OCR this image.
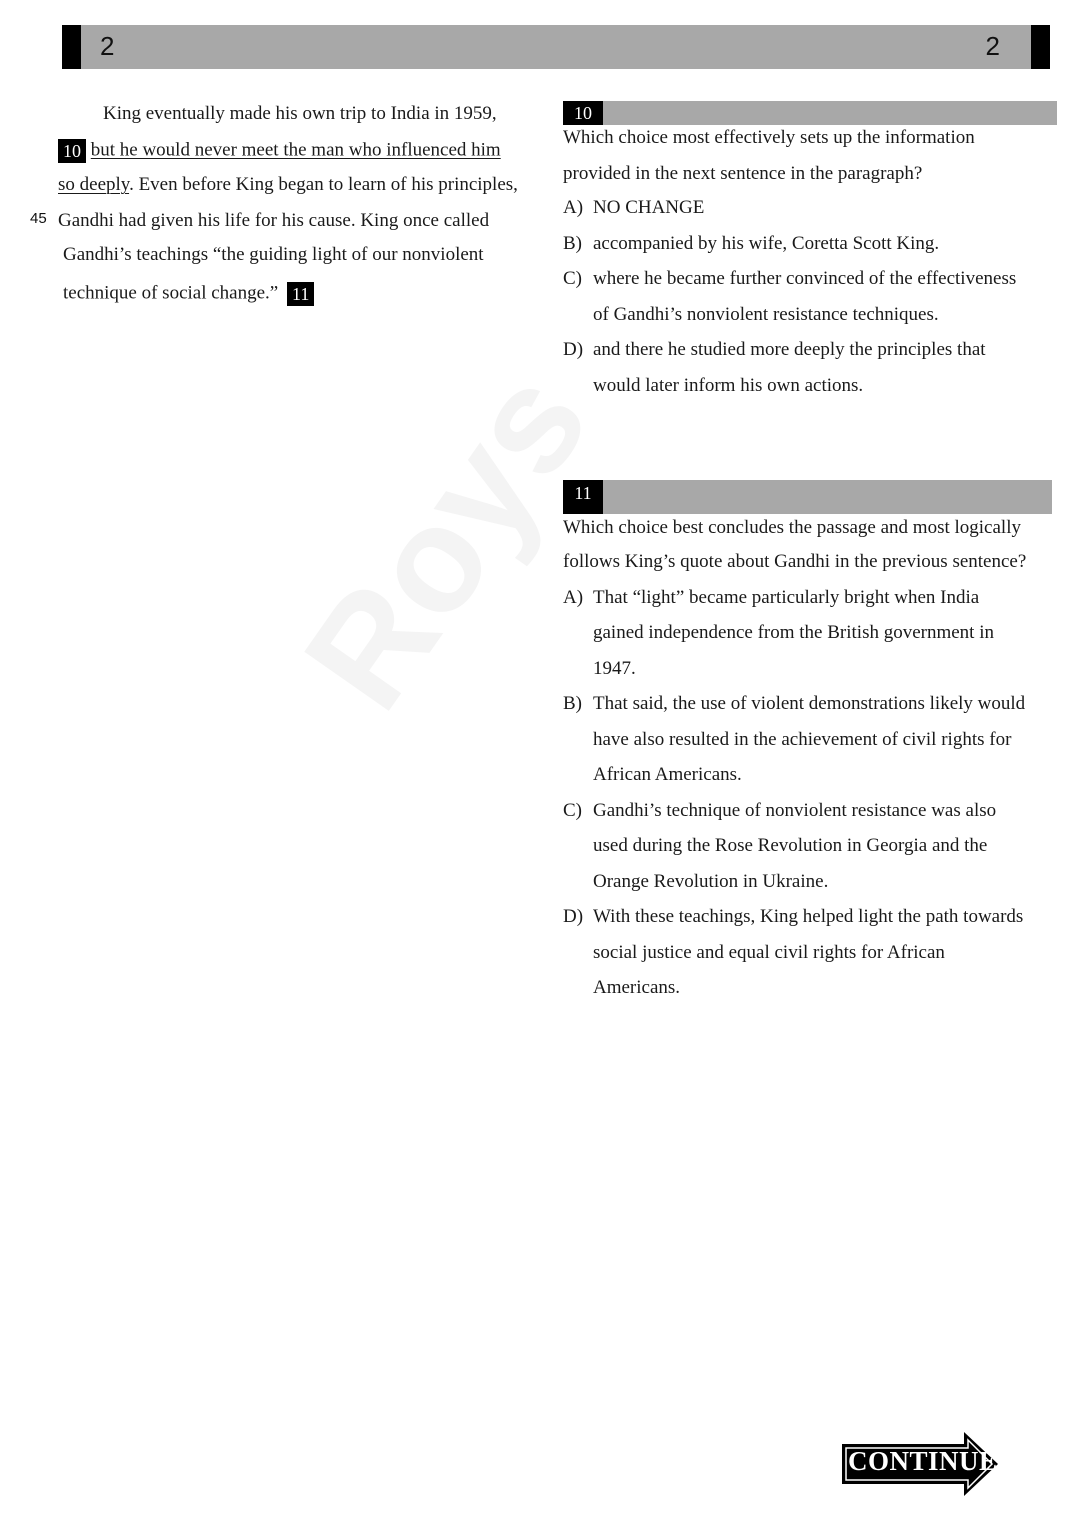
2	2
45
King eventually made his own trip to India in 1959,
10 but he would never meet the man who influenced him
so deeply. Even before King began to learn of his principles,
Gandhi had given his life for his cause. King once called
Gandhi’s teachings “the guiding light of our nonviolent
technique of social change.” 11
10
Which choice most effectively sets up the information
provided in the next sentence in the paragraph?
A) NO CHANGE
B) accompanied by his wife, Coretta Scott King.
C) where he became further convinced of the effectiveness
of Gandhi’s nonviolent resistance techniques.
D) and there he studied more deeply the principles that
would later inform his own actions.
11
Which choice best concludes the passage and most logically
follows King’s quote about Gandhi in the previous sentence?
A) That “light” became particularly bright when India
gained independence from the British government in
1947.
B) That said, the use of violent demonstrations likely would
have also resulted in the achievement of civil rights for
African Americans.
C) Gandhi’s technique of nonviolent resistance was also
used during the Rose Revolution in Georgia and the
Orange Revolution in Ukraine.
D) With these teachings, King helped light the path towards
social justice and equal civil rights for African
Americans.
CONTINUE
